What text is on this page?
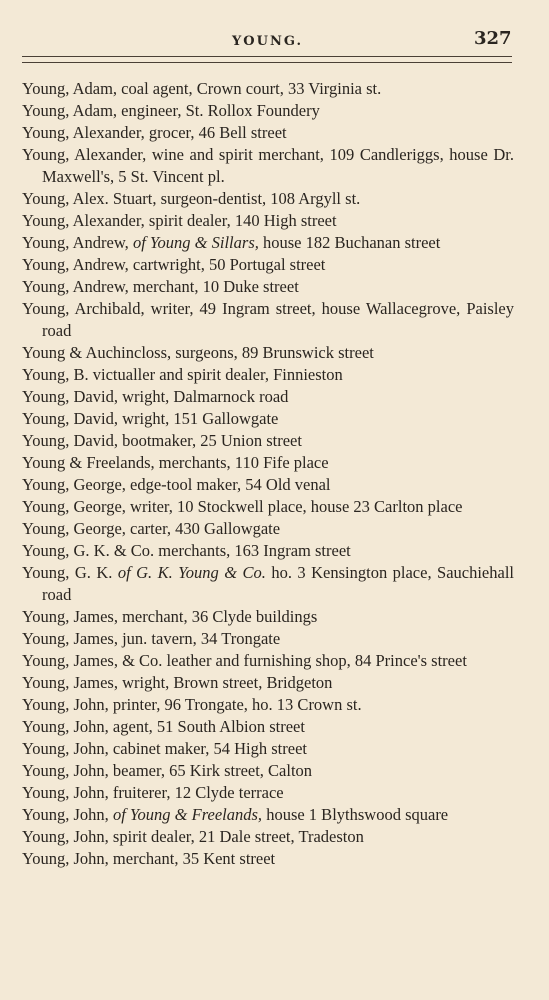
YOUNG.	327

Young, Adam, coal agent, Crown court, 33 Virginia st.

Young, Adam, engineer, St. Rollox Foundery

Young, Alexander, grocer, 46 Bell street

Young, Alexander, wine and spirit merchant, 109 Candleriggs, house Dr. Maxwell's, 5 St. Vincent pl.

Young, Alex. Stuart, surgeon-dentist, 108 Argyll st.

Young, Alexander, spirit dealer, 140 High street

Young, Andrew, of Young & Sillars, house 182 Buchanan street

Young, Andrew, cartwright, 50 Portugal street

Young, Andrew, merchant, 10 Duke street

Young, Archibald, writer, 49 Ingram street, house Wallacegrove, Paisley road

Young & Auchincloss, surgeons, 89 Brunswick street

Young, B. victualler and spirit dealer, Finnieston

Young, David, wright, Dalmarnock road

Young, David, wright, 151 Gallowgate

Young, David, bootmaker, 25 Union street

Young & Freelands, merchants, 110 Fife place

Young, George, edge-tool maker, 54 Old venal

Young, George, writer, 10 Stockwell place, house 23 Carlton place

Young, George, carter, 430 Gallowgate

Young, G. K. & Co. merchants, 163 Ingram street

Young, G. K. of G. K. Young & Co. ho. 3 Kensington place, Sauchiehall road

Young, James, merchant, 36 Clyde buildings

Young, James, jun. tavern, 34 Trongate

Young, James, & Co. leather and furnishing shop, 84 Prince's street

Young, James, wright, Brown street, Bridgeton

Young, John, printer, 96 Trongate, ho. 13 Crown st.

Young, John, agent, 51 South Albion street

Young, John, cabinet maker, 54 High street

Young, John, beamer, 65 Kirk street, Calton

Young, John, fruiterer, 12 Clyde terrace

Young, John, of Young & Freelands, house 1 Blythswood square

Young, John, spirit dealer, 21 Dale street, Tradeston

Young, John, merchant, 35 Kent street
